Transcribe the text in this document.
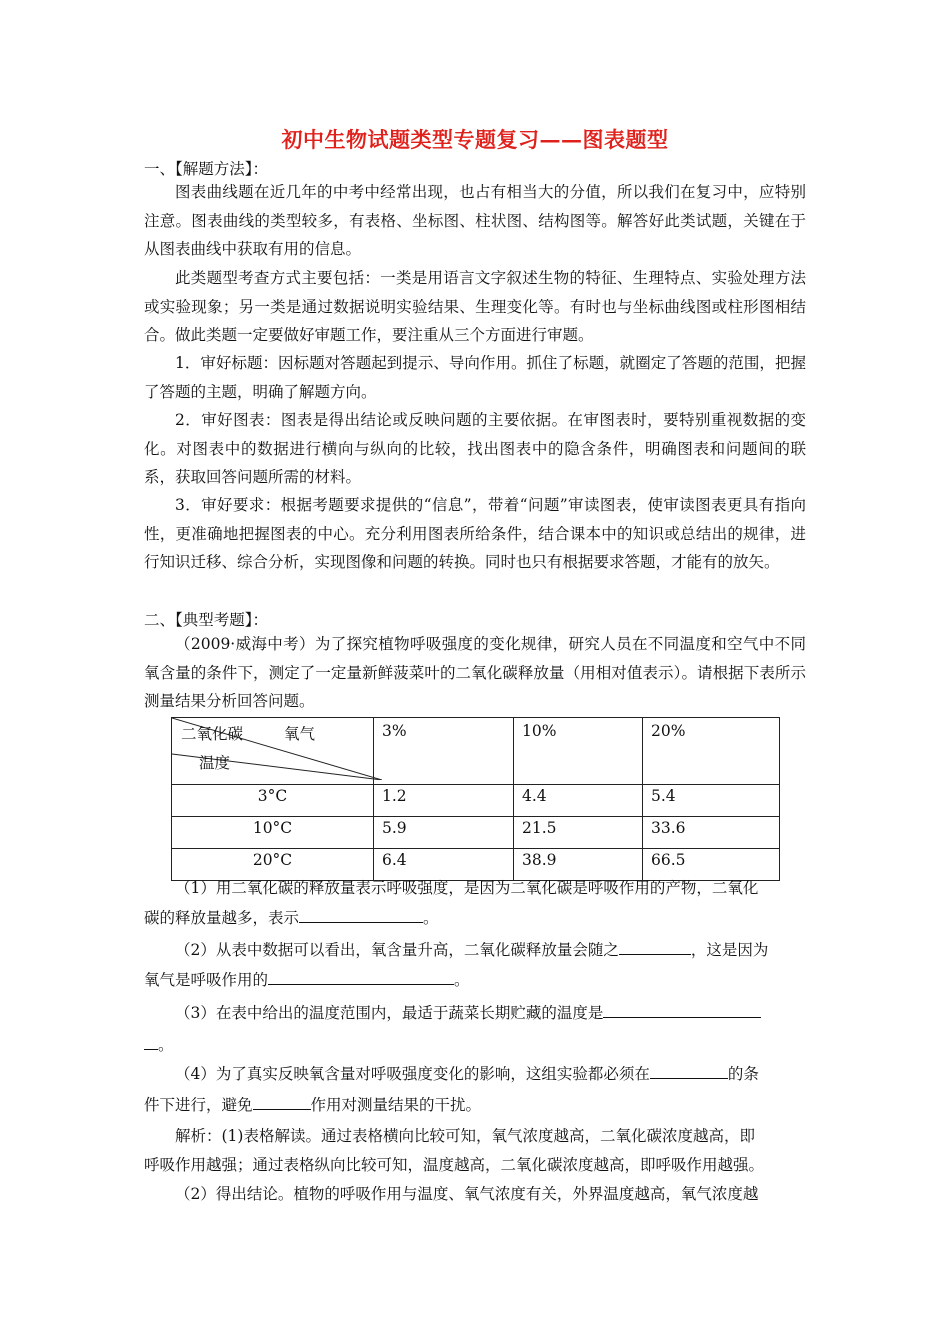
初中生物试题类型专题复习——图表题型
一、【解题方法】：
图表曲线题在近几年的中考中经常出现，也占有相当大的分值，所以我们在复习中，应特别注意。图表曲线的类型较多，有表格、坐标图、柱状图、结构图等。解答好此类试题，关键在于从图表曲线中获取有用的信息。
此类题型考查方式主要包括：一类是用语言文字叙述生物的特征、生理特点、实验处理方法或实验现象；另一类是通过数据说明实验结果、生理变化等。有时也与坐标曲线图或柱形图相结合。做此类题一定要做好审题工作，要注重从三个方面进行审题。
1．审好标题：因标题对答题起到提示、导向作用。抓住了标题，就圈定了答题的范围，把握了答题的主题，明确了解题方向。
2．审好图表：图表是得出结论或反映问题的主要依据。在审图表时，要特别重视数据的变化。对图表中的数据进行横向与纵向的比较，找出图表中的隐含条件，明确图表和问题间的联系，获取回答问题所需的材料。
3．审好要求：根据考题要求提供的“信息”，带着“问题”审读图表，使审读图表更具有指向性，更准确地把握图表的中心。充分利用图表所给条件，结合课本中的知识或总结出的规律，进行知识迁移、综合分析，实现图像和问题的转换。同时也只有根据要求答题，才能有的放矢。
二、【典型考题】：
（2009·威海中考）为了探究植物呼吸强度的变化规律，研究人员在不同温度和空气中不同氧含量的条件下，测定了一定量新鲜菠菜叶的二氧化碳释放量（用相对值表示）。请根据下表所示测量结果分析回答问题。
二氧化碳 氧气
温度	3%	10%	20%
3°C	1.2	4.4	5.4
10°C	5.9	21.5	33.6
20°C	6.4	38.9	66.5
（1）用二氧化碳的释放量表示呼吸强度，是因为二氧化碳是呼吸作用的产物，二氧化
碳的释放量越多，表示	。
（2）从表中数据可以看出，氧含量升高，二氧化碳释放量会随之	，这是因为
氧气是呼吸作用的	。
（3）在表中给出的温度范围内，最适于蔬菜长期贮藏的温度是
。
（4）为了真实反映氧含量对呼吸强度变化的影响，这组实验都必须在	的条
件下进行，避免	作用对测量结果的干扰。
解析：(1)表格解读。通过表格横向比较可知，氧气浓度越高，二氧化碳浓度越高，即
呼吸作用越强；通过表格纵向比较可知，温度越高，二氧化碳浓度越高，即呼吸作用越强。
（2）得出结论。植物的呼吸作用与温度、氧气浓度有关，外界温度越高，氧气浓度越
